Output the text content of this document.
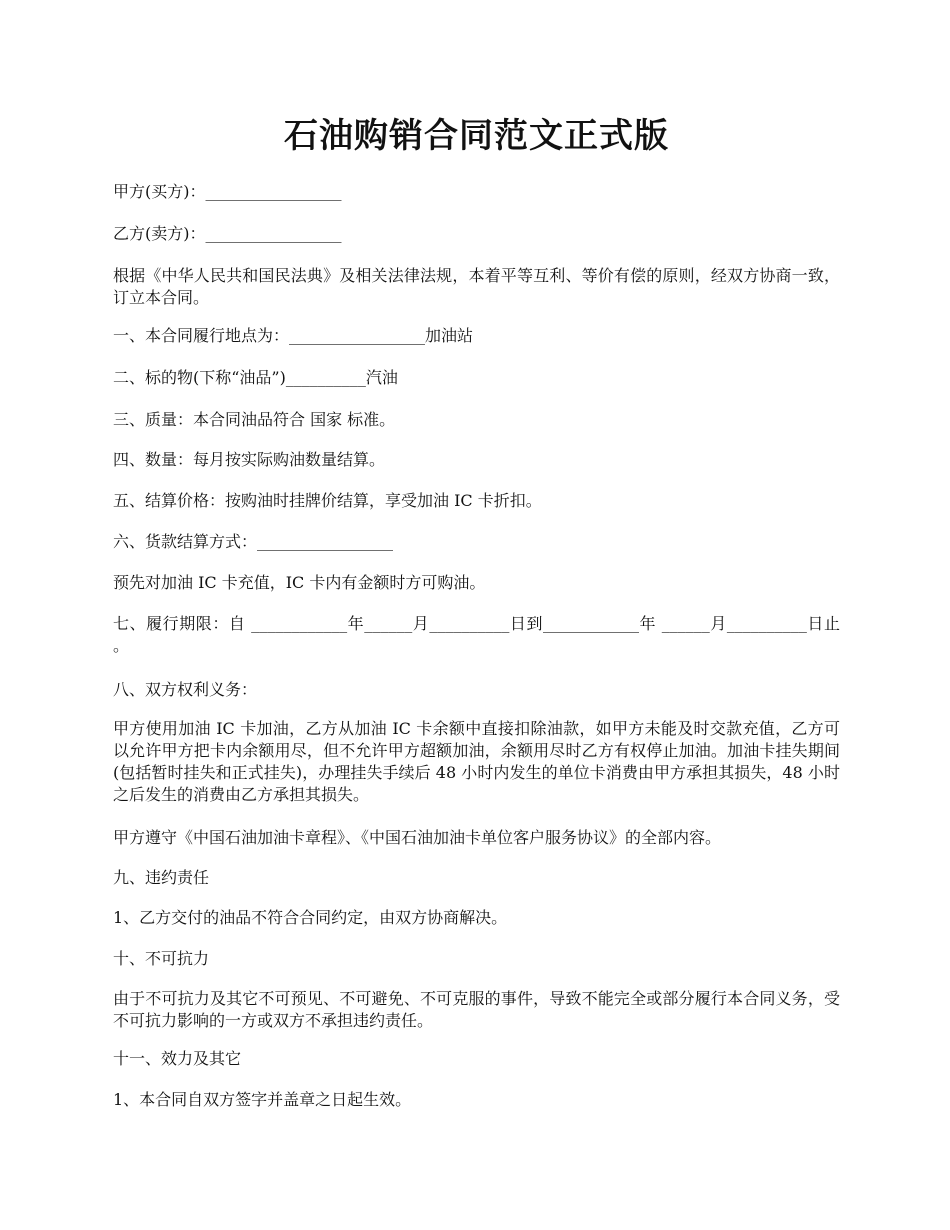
石油购销合同范文正式版

甲方(买方)：_________________

乙方(卖方)：_________________

根据《中华人民共和国民法典》及相关法律法规，本着平等互利、等价有偿的原则，经双方协商一致，订立本合同。

一、本合同履行地点为：_________________加油站

二、标的物(下称“油品”)__________汽油

三、质量：本合同油品符合 国家 标准。

四、数量：每月按实际购油数量结算。

五、结算价格：按购油时挂牌价结算，享受加油 IC 卡折扣。

六、货款结算方式：_________________

预先对加油 IC 卡充值，IC 卡内有金额时方可购油。

七、履行期限：自 ____________年______月__________日到____________年 ______月__________日止 。

八、双方权利义务：

甲方使用加油 IC 卡加油，乙方从加油 IC 卡余额中直接扣除油款，如甲方未能及时交款充值，乙方可以允许甲方把卡内余额用尽，但不允许甲方超额加油，余额用尽时乙方有权停止加油。加油卡挂失期间(包括暂时挂失和正式挂失)，办理挂失手续后 48 小时内发生的单位卡消费由甲方承担其损失，48 小时之后发生的消费由乙方承担其损失。

甲方遵守《中国石油加油卡章程》、《中国石油加油卡单位客户服务协议》的全部内容。

九、违约责任

1、乙方交付的油品不符合合同约定，由双方协商解决。

十、不可抗力

由于不可抗力及其它不可预见、不可避免、不可克服的事件，导致不能完全或部分履行本合同义务，受不可抗力影响的一方或双方不承担违约责任。

十一、效力及其它

1、本合同自双方签字并盖章之日起生效。
